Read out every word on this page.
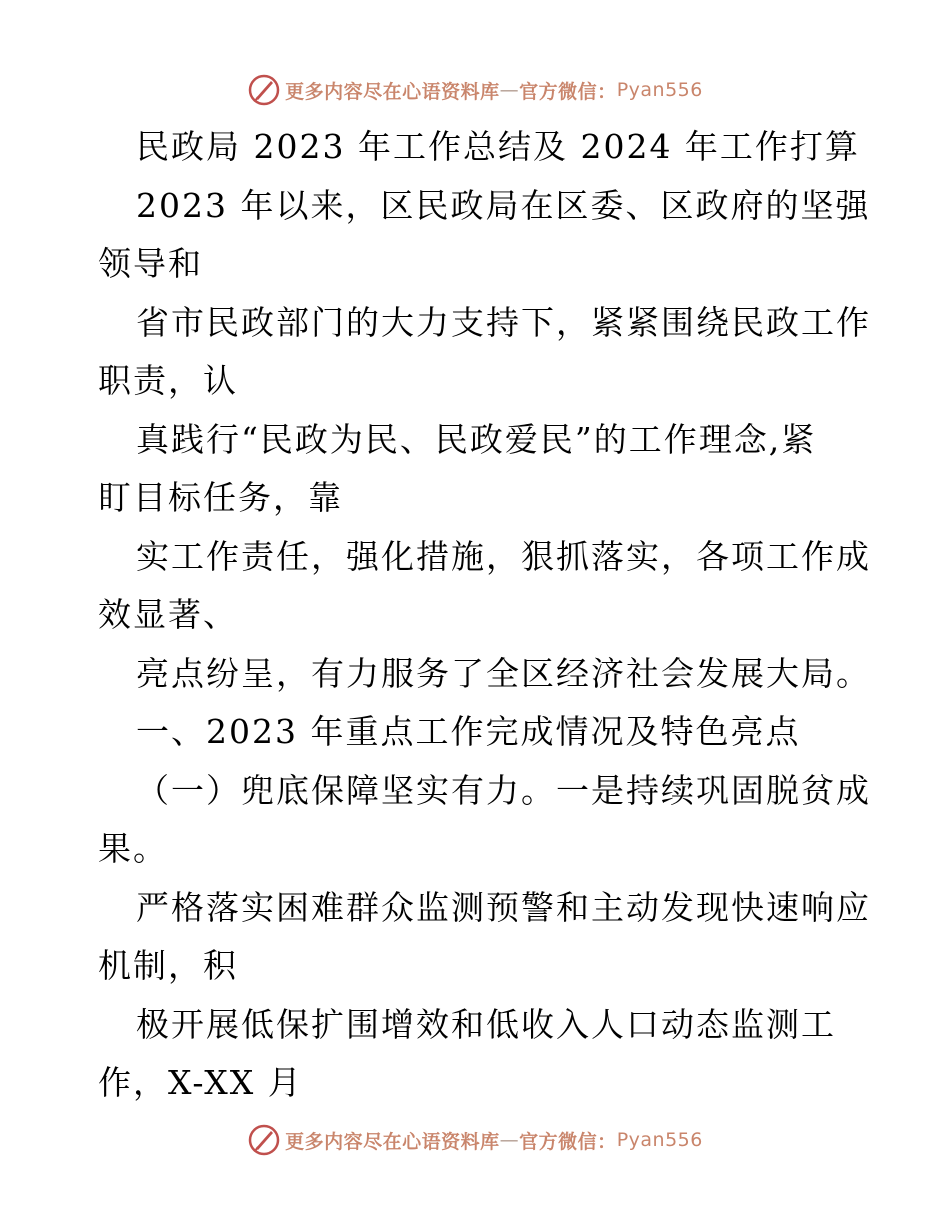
更多内容尽在心语资料库 — 官方微信： Pyan556
民政局 2023 年工作总结及 2024 年工作打算
2023 年以来，区民政局在区委、区政府的坚强
领导和
省市民政部门的大力支持下，紧紧围绕民政工作
职责，认
真践行“民政为民、民政爱民”的工作理念,紧
盯目标任务，靠
实工作责任，强化措施，狠抓落实，各项工作成
效显著、
亮点纷呈，有力服务了全区经济社会发展大局。
一、2023 年重点工作完成情况及特色亮点
（一）兜底保障坚实有力。一是持续巩固脱贫成
果。
严格落实困难群众监测预警和主动发现快速响应
机制，积
极开展低保扩围增效和低收入人口动态监测工
作，X-XX 月
更多内容尽在心语资料库 — 官方微信： Pyan556
